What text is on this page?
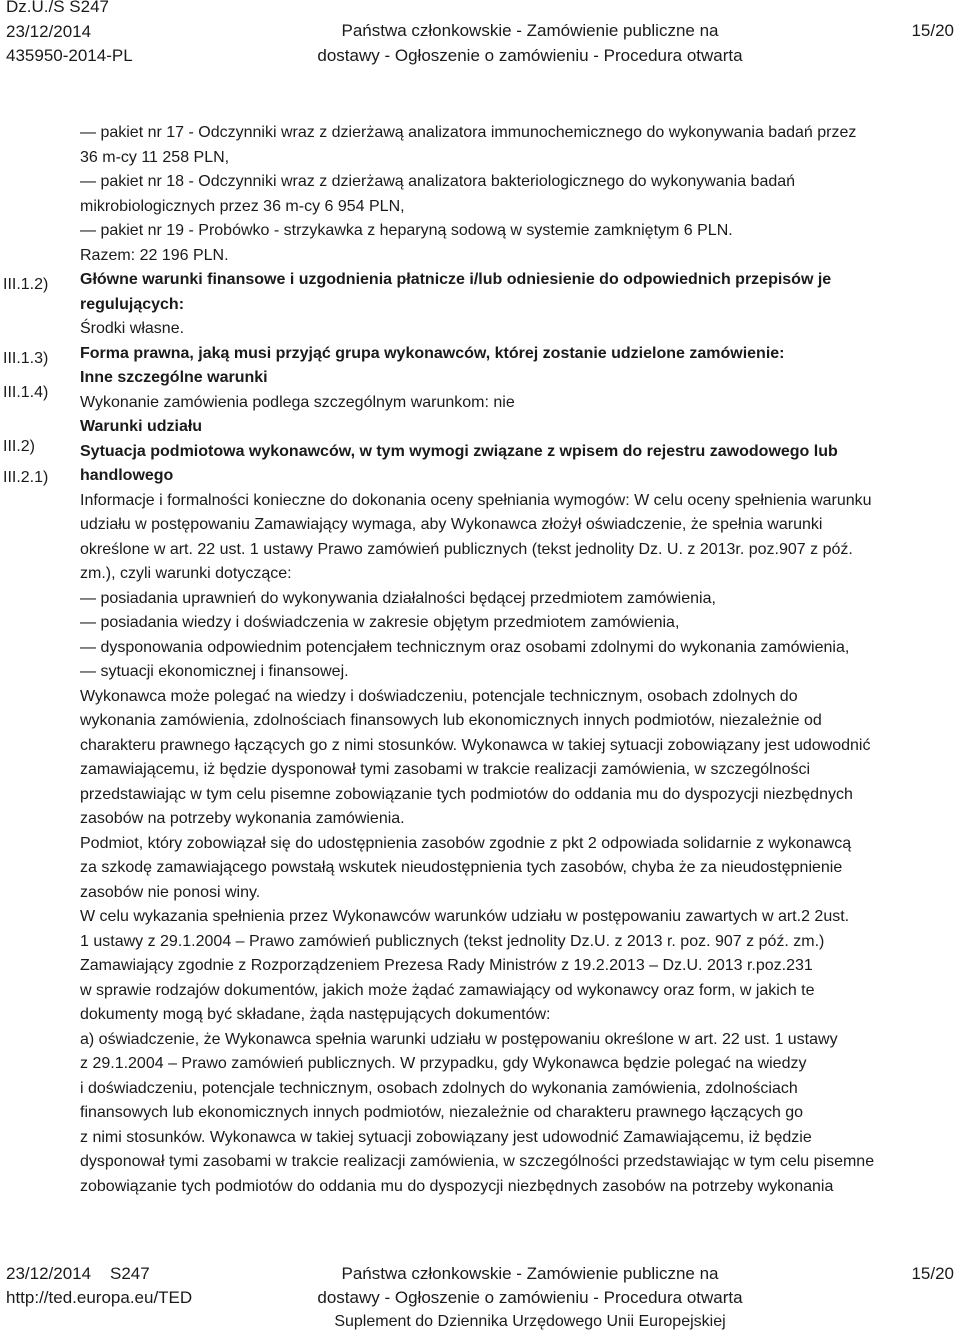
Dz.U./S S247
23/12/2014
435950-2014-PL
Państwa członkowskie - Zamówienie publiczne na
dostawy - Ogłoszenie o zamówieniu - Procedura otwarta
15/20
III.1.2)
III.1.3)
III.1.4)
III.2)
III.2.1)

— pakiet nr 17 - Odczynniki wraz z dzierżawą analizatora immunochemicznego do wykonywania badań przez

36 m-cy 11 258 PLN,

— pakiet nr 18 - Odczynniki wraz z dzierżawą analizatora bakteriologicznego do wykonywania badań

mikrobiologicznych przez 36 m-cy 6 954 PLN,

— pakiet nr 19 - Probówko - strzykawka z heparyną sodową w systemie zamkniętym 6 PLN.

Razem: 22 196 PLN.

Główne warunki finansowe i uzgodnienia płatnicze i/lub odniesienie do odpowiednich przepisów je

regulujących:

Środki własne.

Forma prawna, jaką musi przyjąć grupa wykonawców, której zostanie udzielone zamówienie:

Inne szczególne warunki

Wykonanie zamówienia podlega szczególnym warunkom: nie

Warunki udziału

Sytuacja podmiotowa wykonawców, w tym wymogi związane z wpisem do rejestru zawodowego lub

handlowego

Informacje i formalności konieczne do dokonania oceny spełniania wymogów: W celu oceny spełnienia warunku

udziału w postępowaniu Zamawiający wymaga, aby Wykonawca złożył oświadczenie, że spełnia warunki

określone w art. 22 ust. 1 ustawy Prawo zamówień publicznych (tekst jednolity Dz. U. z 2013r. poz.907 z póź.

zm.), czyli warunki dotyczące:

— posiadania uprawnień do wykonywania działalności będącej przedmiotem zamówienia,

— posiadania wiedzy i doświadczenia w zakresie objętym przedmiotem zamówienia,

— dysponowania odpowiednim potencjałem technicznym oraz osobami zdolnymi do wykonania zamówienia,

— sytuacji ekonomicznej i finansowej.

Wykonawca może polegać na wiedzy i doświadczeniu, potencjale technicznym, osobach zdolnych do

wykonania zamówienia, zdolnościach finansowych lub ekonomicznych innych podmiotów, niezależnie od

charakteru prawnego łączących go z nimi stosunków. Wykonawca w takiej sytuacji zobowiązany jest udowodnić

zamawiającemu, iż będzie dysponował tymi zasobami w trakcie realizacji zamówienia, w szczególności

przedstawiając w tym celu pisemne zobowiązanie tych podmiotów do oddania mu do dyspozycji niezbędnych

zasobów na potrzeby wykonania zamówienia.

Podmiot, który zobowiązał się do udostępnienia zasobów zgodnie z pkt 2 odpowiada solidarnie z wykonawcą

za szkodę zamawiającego powstałą wskutek nieudostępnienia tych zasobów, chyba że za nieudostępnienie

zasobów nie ponosi winy.

W celu wykazania spełnienia przez Wykonawców warunków udziału w postępowaniu zawartych w art.2 2ust.

1 ustawy z 29.1.2004 – Prawo zamówień publicznych (tekst jednolity Dz.U. z 2013 r. poz. 907 z póź. zm.)

Zamawiający zgodnie z Rozporządzeniem Prezesa Rady Ministrów z 19.2.2013 – Dz.U. 2013 r.poz.231

w sprawie rodzajów dokumentów, jakich może żądać zamawiający od wykonawcy oraz form, w jakich te

dokumenty mogą być składane, żąda następujących dokumentów:

a) oświadczenie, że Wykonawca spełnia warunki udziału w postępowaniu określone w art. 22 ust. 1 ustawy

z 29.1.2004 – Prawo zamówień publicznych. W przypadku, gdy Wykonawca będzie polegać na wiedzy

i doświadczeniu, potencjale technicznym, osobach zdolnych do wykonania zamówienia, zdolnościach

finansowych lub ekonomicznych innych podmiotów, niezależnie od charakteru prawnego łączących go

z nimi stosunków. Wykonawca w takiej sytuacji zobowiązany jest udowodnić Zamawiającemu, iż będzie

dysponował tymi zasobami w trakcie realizacji zamówienia, w szczególności przedstawiając w tym celu pisemne

zobowiązanie tych podmiotów do oddania mu do dyspozycji niezbędnych zasobów na potrzeby wykonania

23/12/2014    S247
http://ted.europa.eu/TED
Państwa członkowskie - Zamówienie publiczne na
dostawy - Ogłoszenie o zamówieniu - Procedura otwarta
Suplement do Dziennika Urzędowego Unii Europejskiej
15/20
